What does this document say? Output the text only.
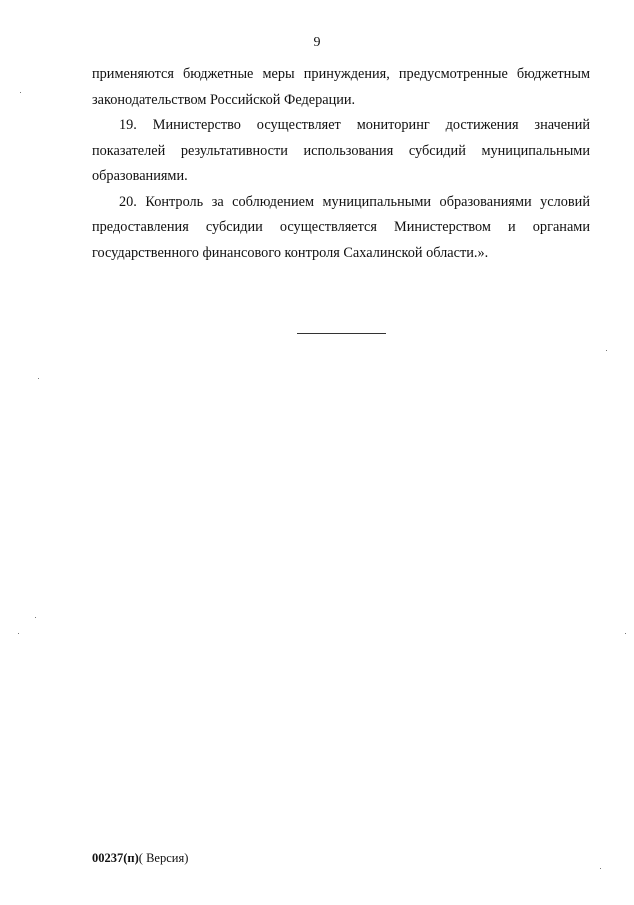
9

применяются бюджетные меры принуждения, предусмотренные бюджетным законодательством Российской Федерации.

19. Министерство осуществляет мониторинг достижения значений показателей результативности использования субсидий муниципальными образованиями.

20. Контроль за соблюдением муниципальными образованиями условий предоставления субсидии осуществляется Министерством и органами государственного финансового контроля Сахалинской области.».

00237(п)( Версия)
